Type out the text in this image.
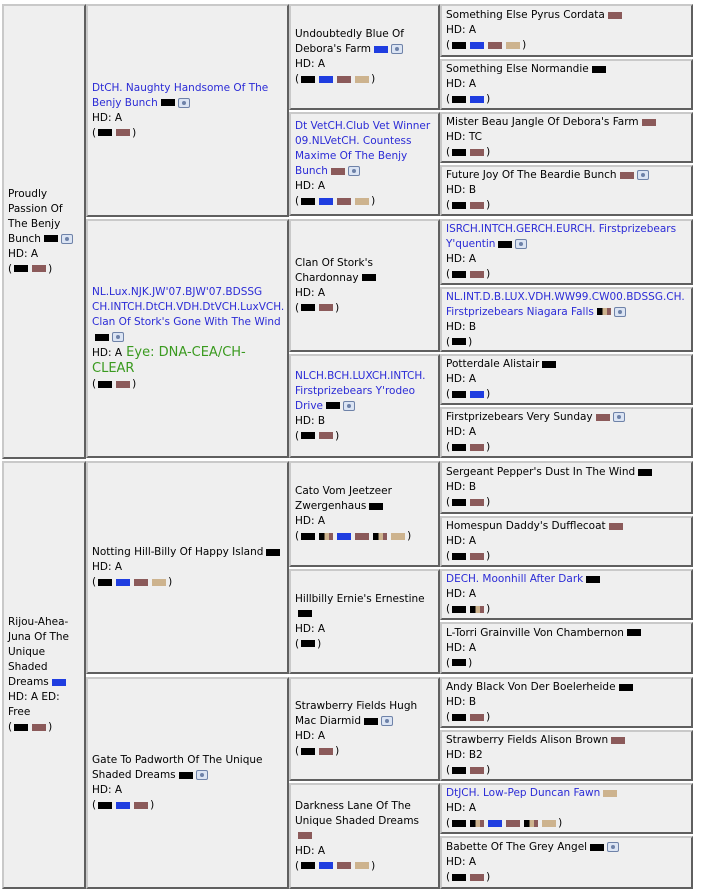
Proudly Passion Of The Benjy Bunch
HD: A
(	)
Rijou-Ahea-Juna Of The Unique Shaded Dreams
HD: A ED: Free
(	)
DtCH. Naughty Handsome Of The Benjy Bunch
HD: A
(	)
NL.Lux.NJK.JW'07.BJW'07.BDSSG CH.INTCH.DtCH.VDH.DtVCH.LuxVCH. Clan Of Stork's Gone With The Wind
HD: A Eye: DNA-CEA/CH-CLEAR
(	)
Notting Hill-Billy Of Happy Island
HD: A
(	)
Gate To Padworth Of The Unique Shaded Dreams
HD: A
(	)
Undoubtedly Blue Of Debora's Farm
HD: A
(	)
Dt VetCH.Club Vet Winner 09.NLVetCH. Countess Maxime Of The Benjy Bunch
HD: A
(	)
Clan Of Stork's Chardonnay
HD: A
(	)
NLCH.BCH.LUXCH.INTCH. Firstprizebears Y'rodeo Drive
HD: B
(	)
Cato Vom Jeetzeer Zwergenhaus
HD: A
(	)
Hillbilly Ernie's Ernestine
HD: A
( )
Strawberry Fields Hugh Mac Diarmid
HD: A
(	)
Darkness Lane Of The Unique Shaded Dreams
HD: A
(	)
Something Else Pyrus Cordata
HD: A
(	)
Something Else Normandie
HD: A
(	)
Mister Beau Jangle Of Debora's Farm
HD: TC
(	)
Future Joy Of The Beardie Bunch
HD: B
(	)
ISRCH.INTCH.GERCH.EURCH. Firstprizebears Y'quentin
HD: A
(	)
NL.INT.D.B.LUX.VDH.WW99.CW00.BDSSG.CH. Firstprizebears Niagara Falls
HD: B
( )
Potterdale Alistair
HD: A
(	)
Firstprizebears Very Sunday
HD: A
(	)
Sergeant Pepper's Dust In The Wind
HD: B
(	)
Homespun Daddy's Dufflecoat
HD: A
(	)
DECH. Moonhill After Dark
HD: A
(	)
L-Torri Grainville Von Chambernon
HD: A
( )
Andy Black Von Der Boelerheide
HD: B
(	)
Strawberry Fields Alison Brown
HD: B2
(	)
DtJCH. Low-Pep Duncan Fawn
HD: A
(	)
Babette Of The Grey Angel
HD: A
(	)
